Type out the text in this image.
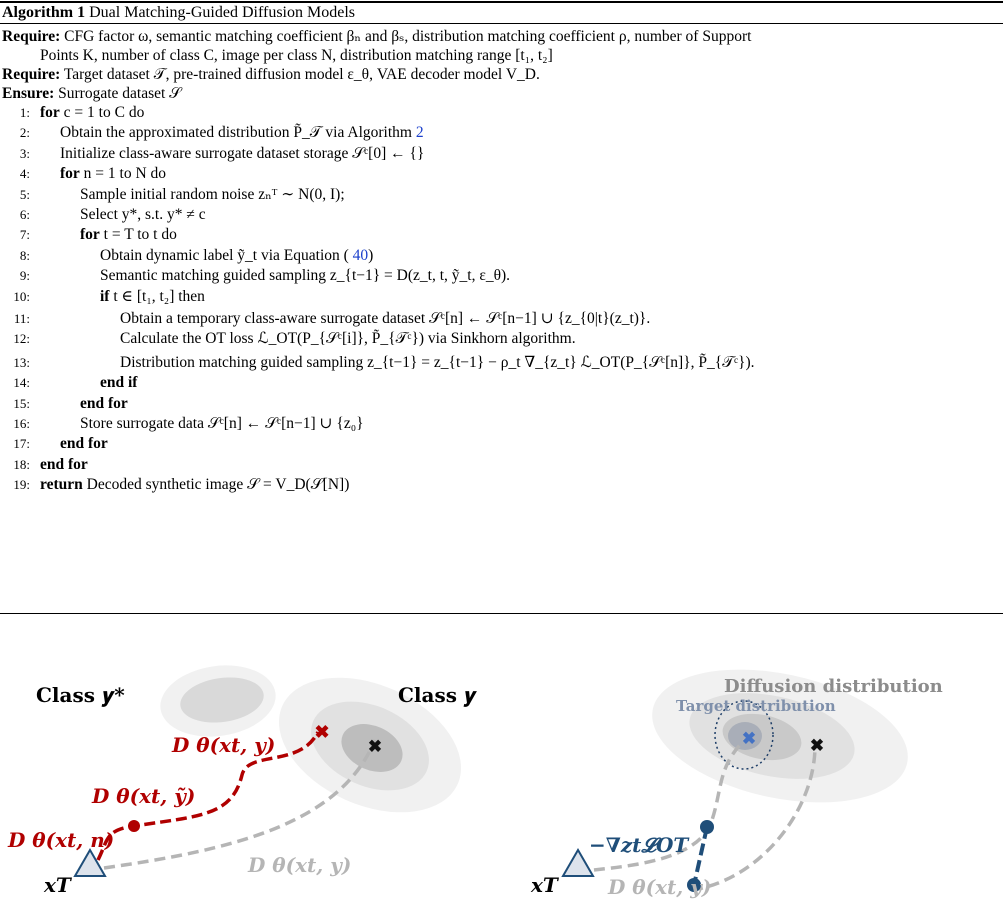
Algorithm 1 Dual Matching-Guided Diffusion Models
Require: CFG factor ω, semantic matching coefficient βₙ and βₛ, distribution matching coefficient ρ, number of Support
Points K, number of class C, image per class N, distribution matching range [t₁, t₂]
Require: Target dataset 𝒯, pre-trained diffusion model ε_θ, VAE decoder model V_D.
Ensure: Surrogate dataset 𝒮
1: for c = 1 to C do
2: Obtain the approximated distribution P̃_𝒯 via Algorithm 2
3: Initialize class-aware surrogate dataset storage 𝒮ᶜ[0] ← {}
4: for n = 1 to N do
5:	Sample initial random noise zₙᵀ ∼ N(0, I);
6:	Select y*, s.t. y* ≠ c
7:	for t = T to t do
8:	Obtain dynamic label ỹ_t via Equation ( 40)
9:	Semantic matching guided sampling z_{t−1} = D(z_t, t, ỹ_t, ε_θ).
10:	if t ∈ [t₁, t₂] then
11:	Obtain a temporary class-aware surrogate dataset 𝒮ᶜ[n] ← 𝒮ᶜ[n−1] ∪ {z_{0|t}(z_t)}.
12:	Calculate the OT loss ℒ_OT(P_{𝒮ᶜ[i]}, P̃_{𝒯ᶜ}) via Sinkhorn algorithm.
13:	Distribution matching guided sampling z_{t−1} = z_{t−1} − ρ_t ∇_{z_t} ℒ_OT(P_{𝒮ᶜ[n]}, P̃_{𝒯ᶜ}).
14:	end if
15:	end for
16:	Store surrogate data 𝒮ᶜ[n] ← 𝒮ᶜ[n−1] ∪ {z₀}
17: end for
18: end for
19: return Decoded synthetic image 𝒮 = V_D(𝒮[N])
✖
✖
Class 𝒚*	Class 𝒚
𝑫 θ(𝒙t, 𝒚)
𝑫 θ(𝒙t, 𝒚̃)
𝑫 θ(𝒙t, 𝒏)
𝑫 θ(𝒙t, 𝒚)
𝒙T
✖	✖
Diffusion distribution
Target distribution
−𝜵zt𝓛OT
𝒙T	𝑫 θ(𝒙t, 𝒚)
